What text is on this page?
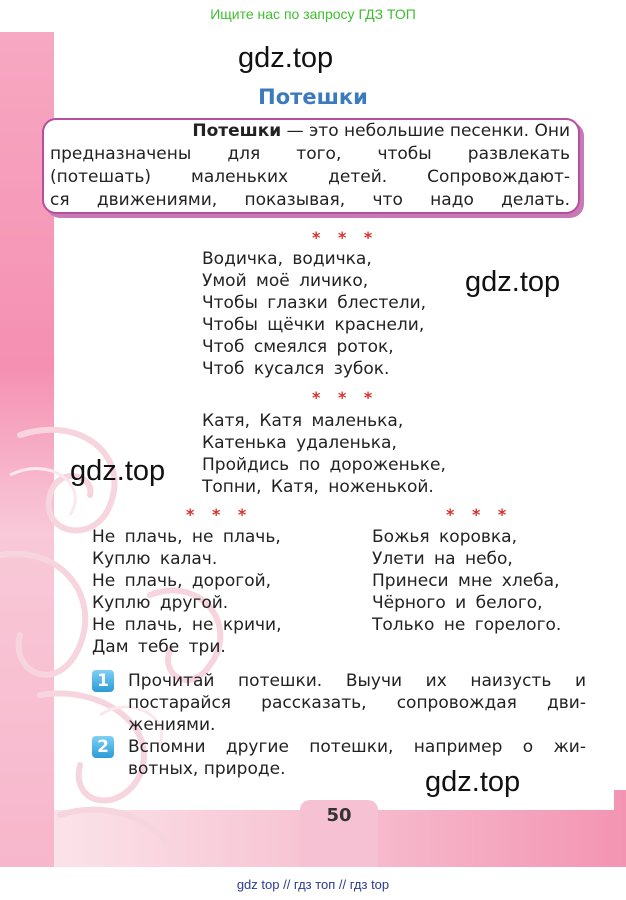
Ищите нас по запросу ГДЗ ТОП
50
gdz.top
gdz.top
gdz.top
gdz.top
Потешки
Потешки — это небольшие песенки. Они
предназначены для того, чтобы развлекать
(потешать) маленьких детей. Сопровождают-
ся движениями, показывая, что надо делать.
* * *
Водичка, водичка,
Умой моё личико,
Чтобы глазки блестели,
Чтобы щёчки краснели,
Чтоб смеялся роток,
Чтоб кусался зубок.
* * *
Катя, Катя маленька,
Катенька удаленька,
Пройдись по дороженьке,
Топни, Катя, ноженькой.
* * *	* * *
Не плачь, не плачь,
Куплю калач.
Не плачь, дорогой,
Куплю другой.
Не плачь, не кричи,
Дам тебе три.
Божья коровка,
Улети на небо,
Принеси мне хлеба,
Чёрного и белого,
Только не горелого.
1 Прочитай потешки. Выучи их наизусть и
постарайся рассказать, сопровождая дви-
жениями.
2 Вспомни другие потешки, например о жи-
вотных, природе.
gdz top // гдз топ // гдз top
